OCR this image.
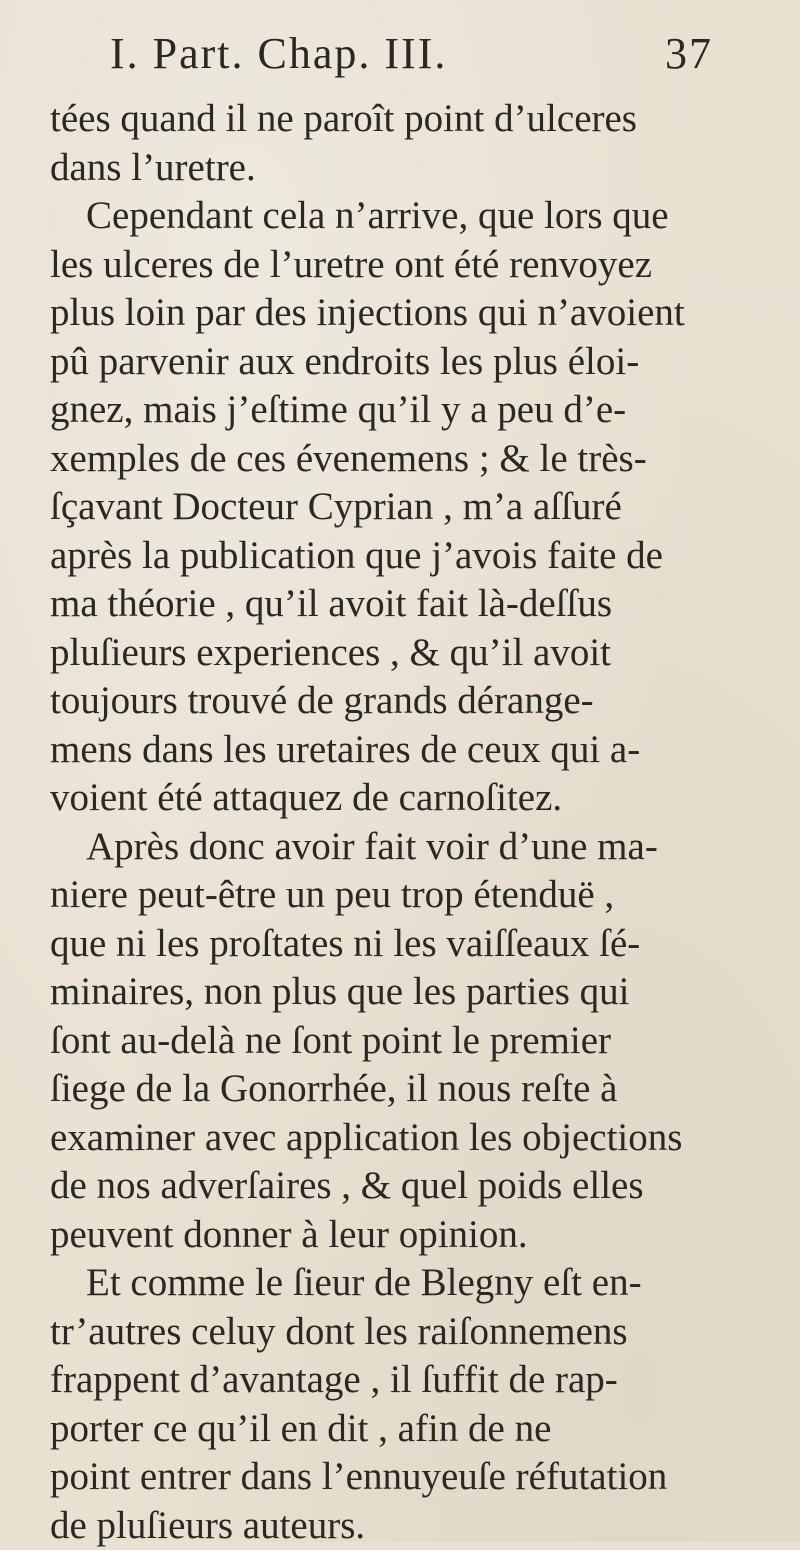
I. Part. Chap. III.	37
tées quand il ne paroît point d’ulceres
dans l’uretre.
Cependant cela n’arrive, que lors que
les ulceres de l’uretre ont été renvoyez
plus loin par des injections qui n’avoient
pû parvenir aux endroits les plus éloi-
gnez, mais j’eſtime qu’il y a peu d’e-
xemples de ces évenemens ; & le très-
ſçavant Docteur Cyprian , m’a aſſuré
après la publication que j’avois faite de
ma théorie , qu’il avoit fait là-deſſus
pluſieurs experiences , & qu’il avoit
toujours trouvé de grands dérange-
mens dans les uretaires de ceux qui a-
voient été attaquez de carnoſitez.
Après donc avoir fait voir d’une ma-
niere peut-être un peu trop étenduë ,
que ni les proſtates ni les vaiſſeaux ſé-
minaires, non plus que les parties qui
ſont au-delà ne ſont point le premier
ſiege de la Gonorrhée, il nous reſte à
examiner avec application les objections
de nos adverſaires , & quel poids elles
peuvent donner à leur opinion.
Et comme le ſieur de Blegny eſt en-
tr’autres celuy dont les raiſonnemens
frappent d’avantage , il ſuffit de rap-
porter ce qu’il en dit , afin de ne
point entrer dans l’ennuyeuſe réfutation
de pluſieurs auteurs.
